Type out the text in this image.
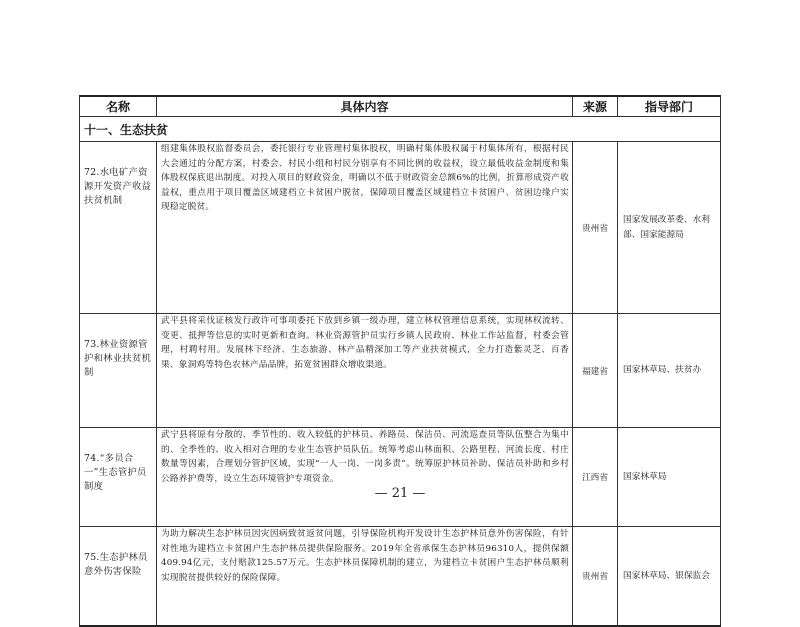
名称	具体内容	来源	指导部门
十一、生态扶贫			
72.水电矿产资源开发资产收益扶贫机制	组建集体股权监督委员会，委托银行专业管理村集体股权，明确村集体股权属于村集体所有，根据村民大会通过的分配方案，村委会、村民小组和村民分别享有不同比例的收益权，设立最低收益金制度和集体股权保底退出制度。对投入项目的财政资金，明确以不低于财政资金总额6%的比例，折算形成资产收益权，重点用于项目覆盖区域建档立卡贫困户脱贫，保障项目覆盖区域建档立卡贫困户、贫困边缘户实现稳定脱贫。	贵州省	国家发展改革委、水利部、国家能源局
73.林业资源管护和林业扶贫机制	武平县将采伐证核发行政许可事项委托下放到乡镇一级办理，建立林权管理信息系统，实现林权流转、变更、抵押等信息的实时更新和查询。林业资源管护员实行乡镇人民政府、林业工作站监督，村委会管理，村聘村用。发展林下经济、生态旅游、林产品精深加工等产业扶贫模式，全力打造紫灵芝、百香果、象洞鸡等特色农林产品品牌，拓宽贫困群众增收渠道。	福建省	国家林草局、扶贫办
74.“多员合一”生态管护员制度	武宁县将原有分散的、季节性的、收入较低的护林员、养路员、保洁员、河流巡查员等队伍整合为集中的、全季性的、收入相对合理的专业生态管护员队伍。统筹考虑山林面积、公路里程、河流长度、村庄数量等因素，合理划分管护区域，实现“一人一岗、一岗多责”。统筹原护林员补助、保洁员补助和乡村公路养护费等，设立生态环境管护专项资金。	江西省	国家林草局
75.生态护林员意外伤害保险	为助力解决生态护林员因灾因病致贫返贫问题，引导保险机构开发设计生态护林员意外伤害保险，有针对性地为建档立卡贫困户生态护林员提供保险服务。2019年全省承保生态护林员96310人，提供保额409.94亿元，支付赔款125.57万元。生态护林员保障机制的建立，为建档立卡贫困户生态护林员顺利实现脱贫提供较好的保险保障。	贵州省	国家林草局、银保监会
— 21 —
